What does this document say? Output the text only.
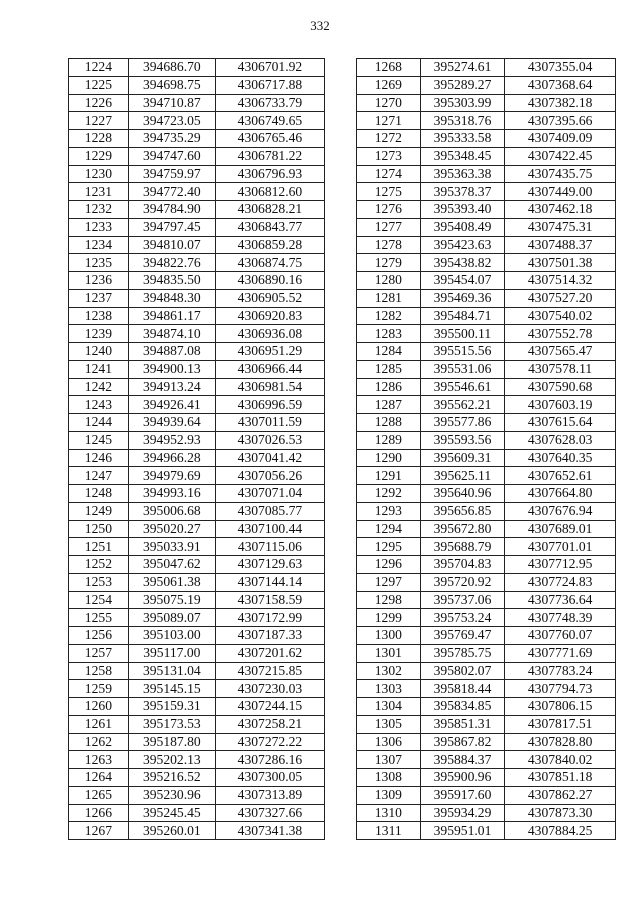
332
1224	394686.70	4306701.92
1225	394698.75	4306717.88
1226	394710.87	4306733.79
1227	394723.05	4306749.65
1228	394735.29	4306765.46
1229	394747.60	4306781.22
1230	394759.97	4306796.93
1231	394772.40	4306812.60
1232	394784.90	4306828.21
1233	394797.45	4306843.77
1234	394810.07	4306859.28
1235	394822.76	4306874.75
1236	394835.50	4306890.16
1237	394848.30	4306905.52
1238	394861.17	4306920.83
1239	394874.10	4306936.08
1240	394887.08	4306951.29
1241	394900.13	4306966.44
1242	394913.24	4306981.54
1243	394926.41	4306996.59
1244	394939.64	4307011.59
1245	394952.93	4307026.53
1246	394966.28	4307041.42
1247	394979.69	4307056.26
1248	394993.16	4307071.04
1249	395006.68	4307085.77
1250	395020.27	4307100.44
1251	395033.91	4307115.06
1252	395047.62	4307129.63
1253	395061.38	4307144.14
1254	395075.19	4307158.59
1255	395089.07	4307172.99
1256	395103.00	4307187.33
1257	395117.00	4307201.62
1258	395131.04	4307215.85
1259	395145.15	4307230.03
1260	395159.31	4307244.15
1261	395173.53	4307258.21
1262	395187.80	4307272.22
1263	395202.13	4307286.16
1264	395216.52	4307300.05
1265	395230.96	4307313.89
1266	395245.45	4307327.66
1267	395260.01	4307341.38
1268	395274.61	4307355.04
1269	395289.27	4307368.64
1270	395303.99	4307382.18
1271	395318.76	4307395.66
1272	395333.58	4307409.09
1273	395348.45	4307422.45
1274	395363.38	4307435.75
1275	395378.37	4307449.00
1276	395393.40	4307462.18
1277	395408.49	4307475.31
1278	395423.63	4307488.37
1279	395438.82	4307501.38
1280	395454.07	4307514.32
1281	395469.36	4307527.20
1282	395484.71	4307540.02
1283	395500.11	4307552.78
1284	395515.56	4307565.47
1285	395531.06	4307578.11
1286	395546.61	4307590.68
1287	395562.21	4307603.19
1288	395577.86	4307615.64
1289	395593.56	4307628.03
1290	395609.31	4307640.35
1291	395625.11	4307652.61
1292	395640.96	4307664.80
1293	395656.85	4307676.94
1294	395672.80	4307689.01
1295	395688.79	4307701.01
1296	395704.83	4307712.95
1297	395720.92	4307724.83
1298	395737.06	4307736.64
1299	395753.24	4307748.39
1300	395769.47	4307760.07
1301	395785.75	4307771.69
1302	395802.07	4307783.24
1303	395818.44	4307794.73
1304	395834.85	4307806.15
1305	395851.31	4307817.51
1306	395867.82	4307828.80
1307	395884.37	4307840.02
1308	395900.96	4307851.18
1309	395917.60	4307862.27
1310	395934.29	4307873.30
1311	395951.01	4307884.25
